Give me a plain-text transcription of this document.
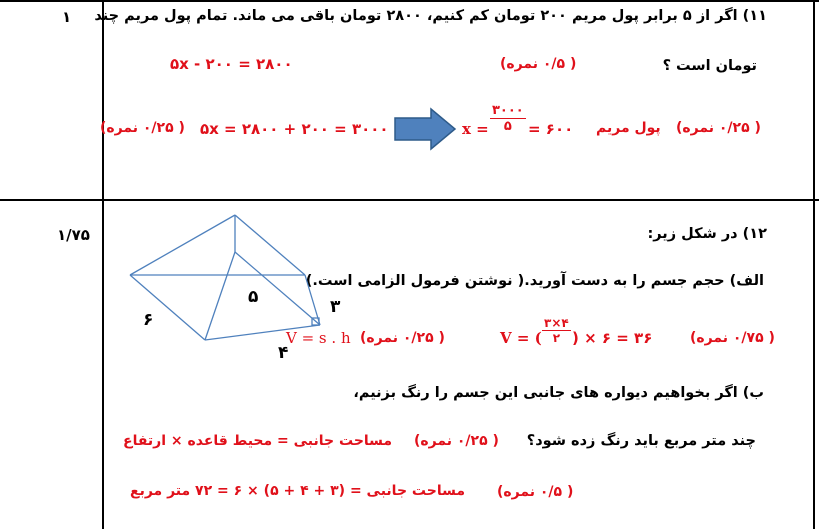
۱ ۱۱) اگر از ۵ برابر پول مریم ۲۰۰ تومان کم کنیم، ۲۸۰۰ تومان باقی می ماند. تمام پول مریم چند
تومان است ؟
۵x - ۲۰۰ = ۲۸۰۰	( ۰/۵ نمره)
۵x = ۲۸۰۰ + ۲۰۰ = ۳۰۰۰
( ۰/۲۵ نمره)	x =
۳۰۰۰
۵ = ۶۰۰ پول مریم ( ۰/۲۵ نمره)
۱/۷۵	۱۲) در شکل زیر:
الف) حجم جسم را به دست آورید.( نوشتن فرمول الزامی است.)
۵	۳
۶
۴
V = s . h ( ۰/۲۵ نمره)	V = (
۳×۴
۲ ) × ۶ = ۳۶	( ۰/۷۵ نمره)
ب) اگر بخواهیم دیواره های جانبی این جسم را رنگ بزنیم،
چند متر مربع باید رنگ زده شود؟
( ۰/۲۵ نمره)
مساحت جانبی = محیط قاعده × ارتفاع
مساحت جانبی = (۳ + ۴ + ۵) × ۶ = ۷۲ متر مربع ( ۰/۵ نمره)
